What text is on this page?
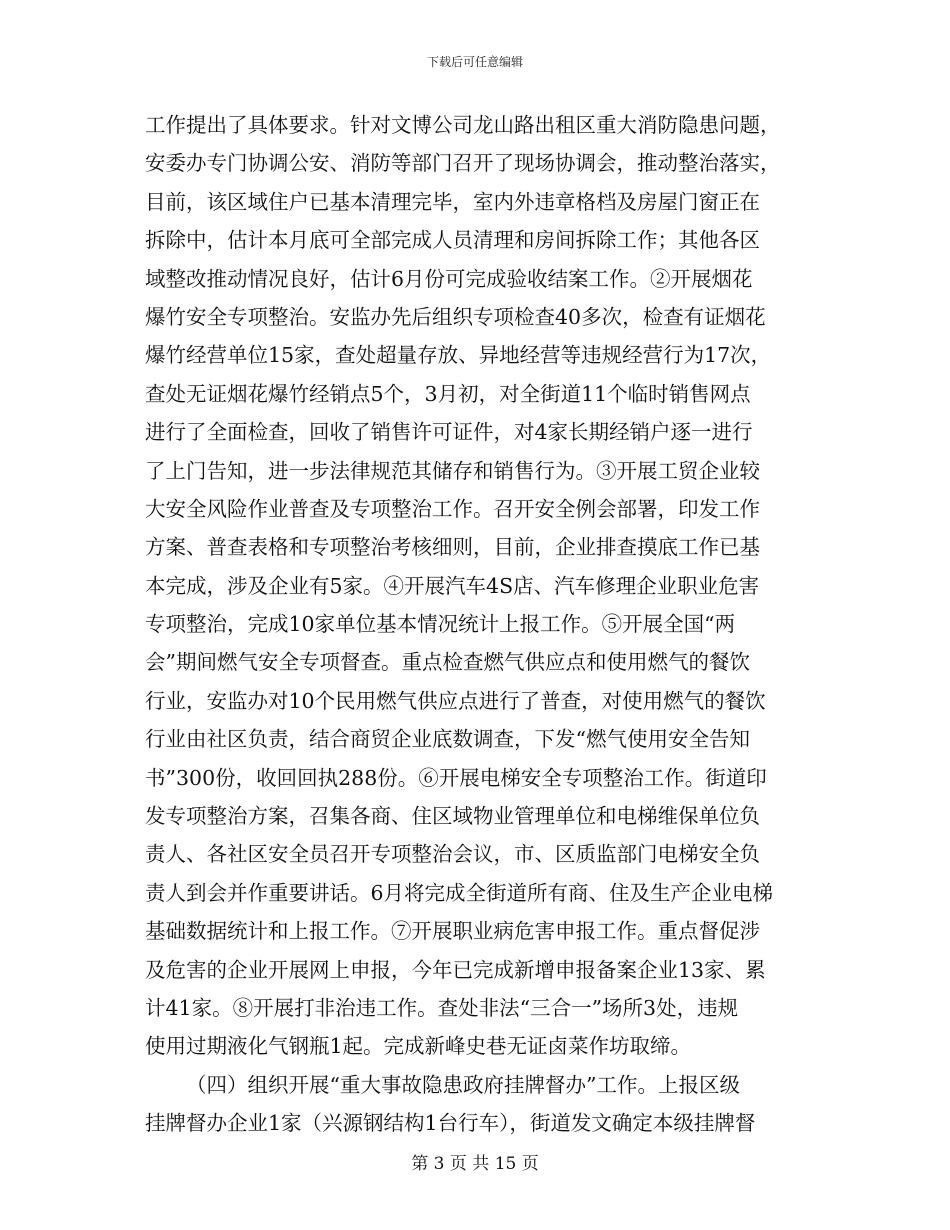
下载后可任意编辑
工作提出了具体要求。针对文博公司龙山路出租区重大消防隐患问题，
安委办专门协调公安、消防等部门召开了现场协调会，推动整治落实，
目前，该区域住户已基本清理完毕，室内外违章格档及房屋门窗正在
拆除中，估计本月底可全部完成人员清理和房间拆除工作；其他各区
域整改推动情况良好，估计6月份可完成验收结案工作。②开展烟花
爆竹安全专项整治。安监办先后组织专项检查40多次，检查有证烟花
爆竹经营单位15家，查处超量存放、异地经营等违规经营行为17次，
查处无证烟花爆竹经销点5个，3月初，对全街道11个临时销售网点
进行了全面检查，回收了销售许可证件，对4家长期经销户逐一进行
了上门告知，进一步法律规范其储存和销售行为。③开展工贸企业较
大安全风险作业普查及专项整治工作。召开安全例会部署，印发工作
方案、普查表格和专项整治考核细则，目前，企业排查摸底工作已基
本完成，涉及企业有5家。④开展汽车4S店、汽车修理企业职业危害
专项整治，完成10家单位基本情况统计上报工作。⑤开展全国“两
会”期间燃气安全专项督查。重点检查燃气供应点和使用燃气的餐饮
行业，安监办对10个民用燃气供应点进行了普查，对使用燃气的餐饮
行业由社区负责，结合商贸企业底数调查，下发“燃气使用安全告知
书”300份，收回回执288份。⑥开展电梯安全专项整治工作。街道印
发专项整治方案，召集各商、住区域物业管理单位和电梯维保单位负
责人、各社区安全员召开专项整治会议，市、区质监部门电梯安全负
责人到会并作重要讲话。6月将完成全街道所有商、住及生产企业电梯
基础数据统计和上报工作。⑦开展职业病危害申报工作。重点督促涉
及危害的企业开展网上申报，今年已完成新增申报备案企业13家、累
计41家。⑧开展打非治违工作。查处非法“三合一”场所3处，违规
使用过期液化气钢瓶1起。完成新峰史巷无证卤菜作坊取缔。
（四）组织开展“重大事故隐患政府挂牌督办”工作。上报区级
挂牌督办企业1家（兴源钢结构1台行车），街道发文确定本级挂牌督
第 3 页 共 15 页
